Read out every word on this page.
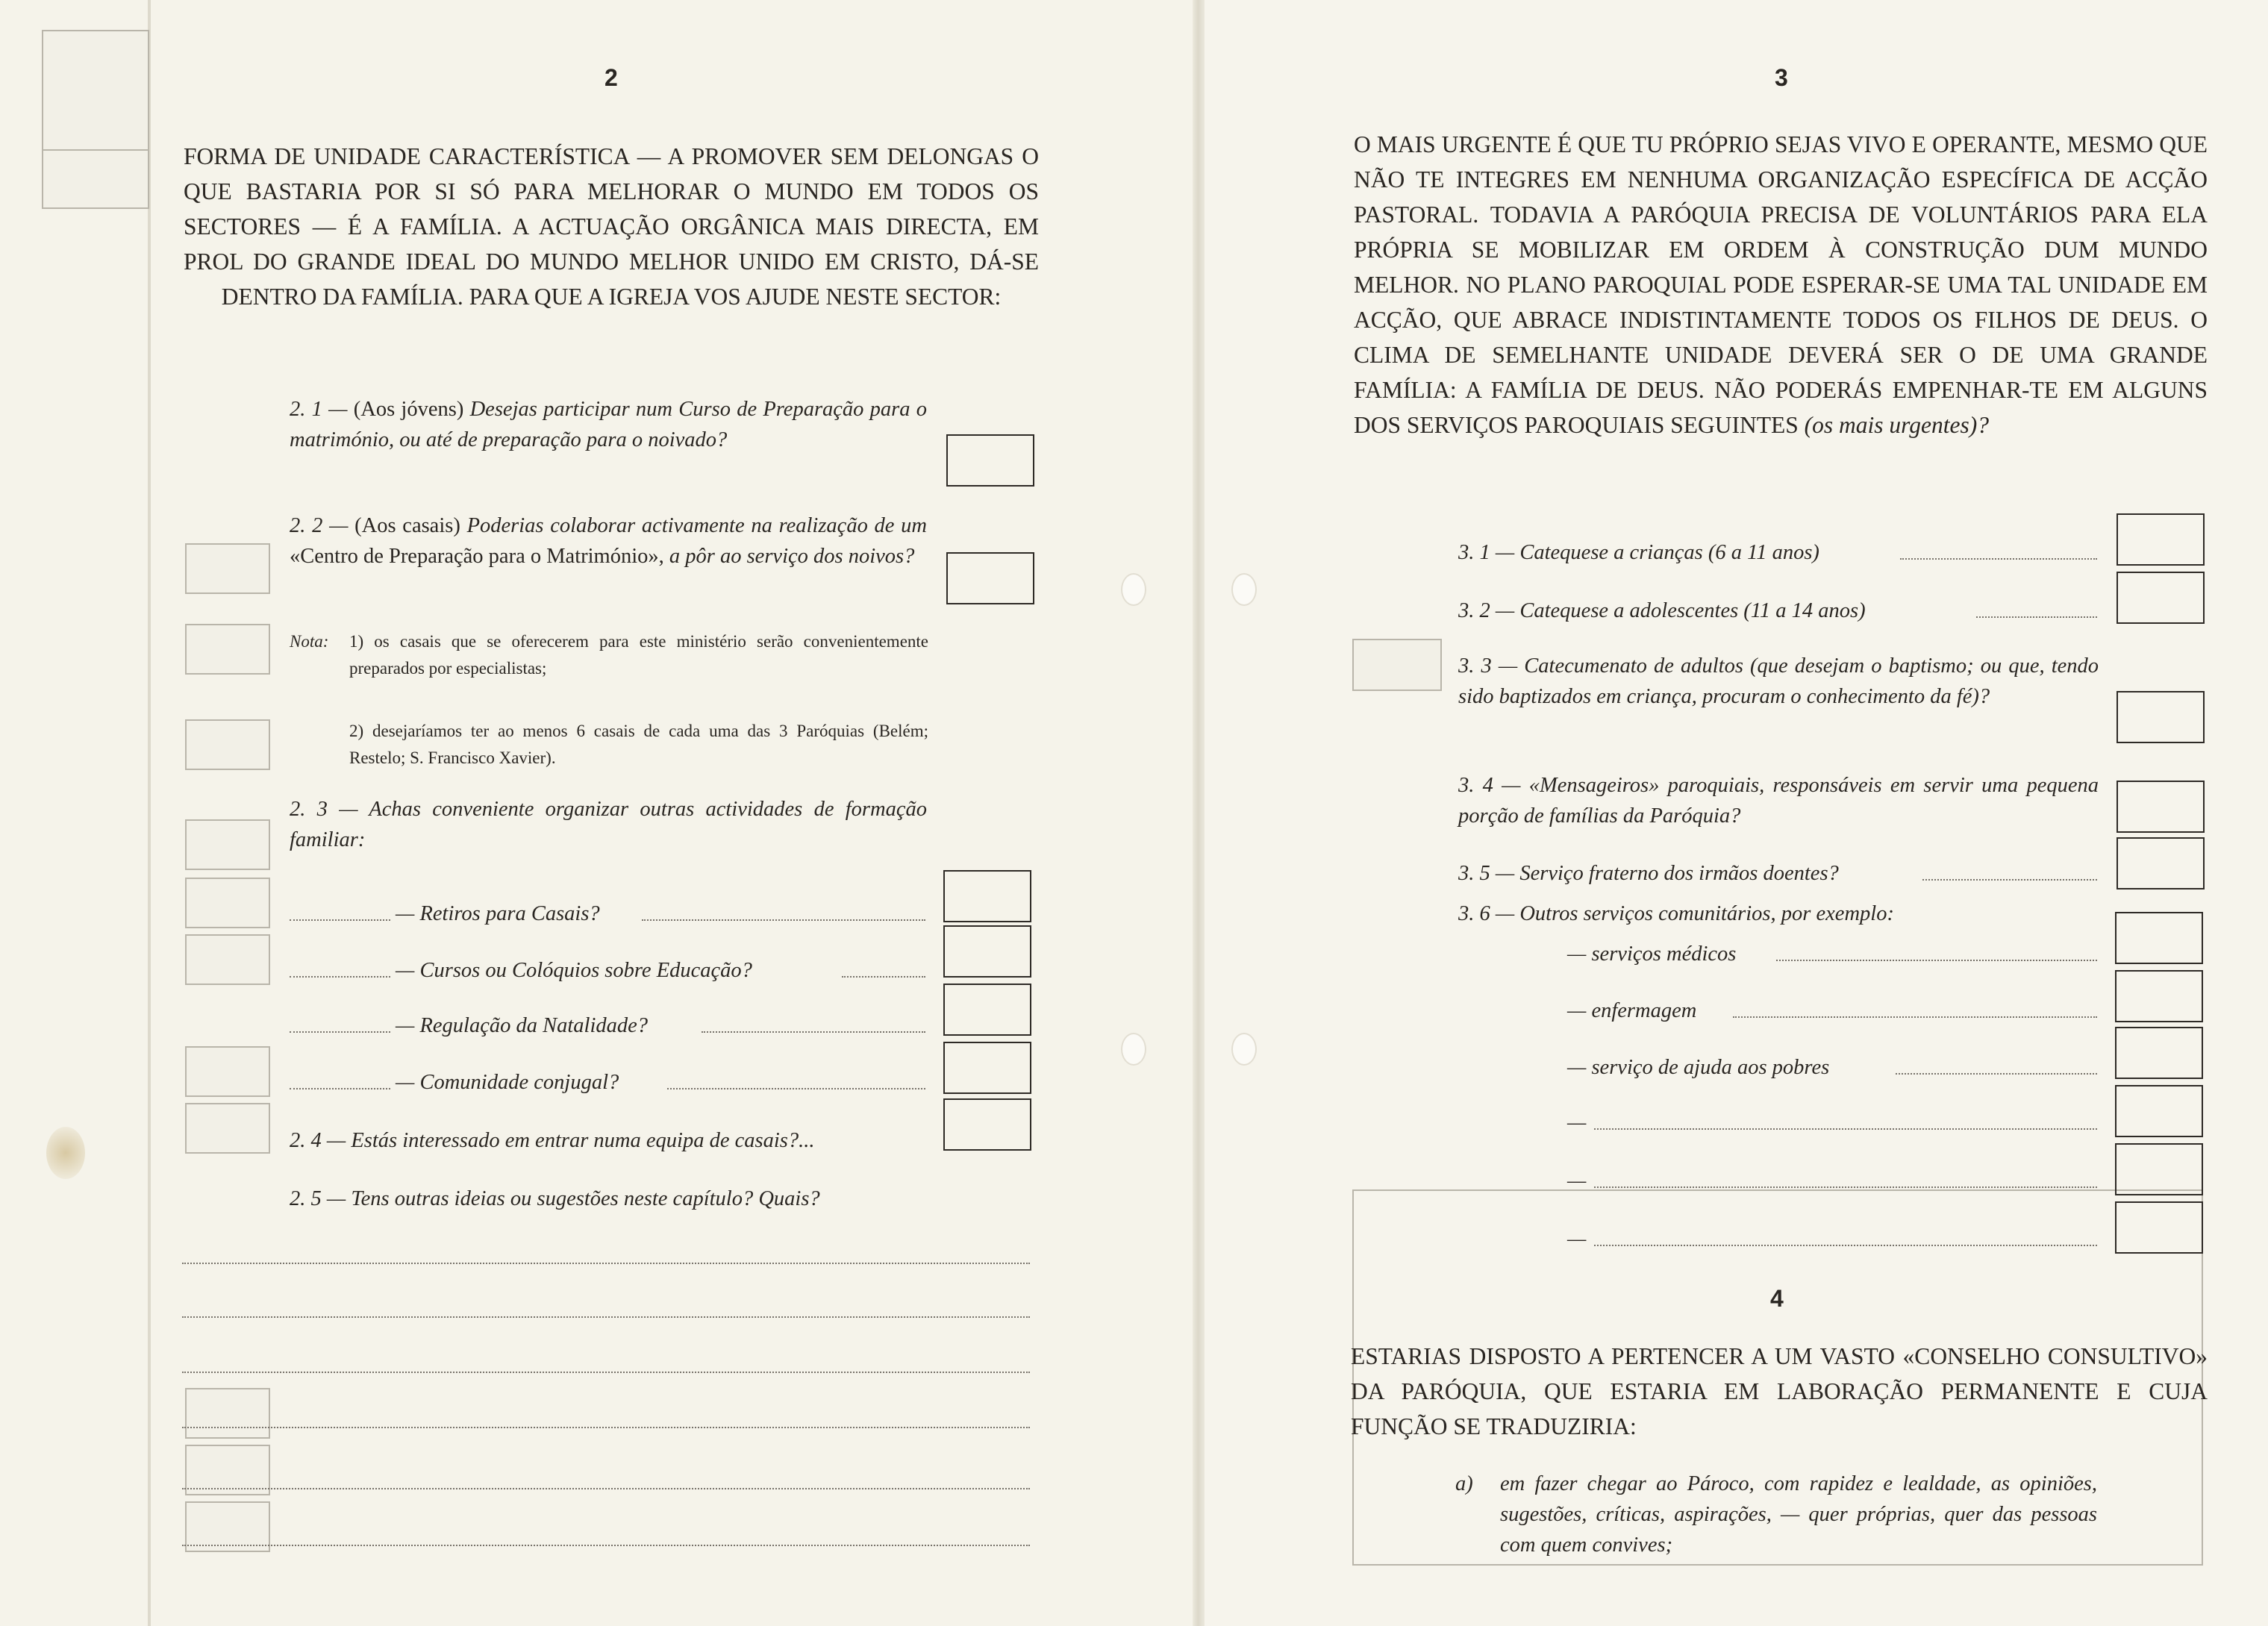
2
FORMA DE UNIDADE CARACTERÍSTICA — A PROMOVER SEM DELONGAS O QUE BASTARIA POR SI SÓ PARA MELHORAR O MUNDO EM TODOS OS SECTORES — É A FAMÍLIA. A ACTUAÇÃO ORGÂNICA MAIS DIRECTA, EM PROL DO GRANDE IDEAL DO MUNDO MELHOR UNIDO EM CRISTO, DÁ-SE DENTRO DA FAMÍLIA. PARA QUE A IGREJA VOS AJUDE NESTE SECTOR:
2. 1 — (Aos jóvens) Desejas participar num Curso de Preparação para o matrimónio, ou até de preparação para o noivado?
2. 2 — (Aos casais) Poderias colaborar activamente na realização de um «Centro de Preparação para o Matrimónio», a pôr ao serviço dos noivos?
Nota: 1) os casais que se oferecerem para este ministério serão convenientemente preparados por especialistas;
2) desejaríamos ter ao menos 6 casais de cada uma das 3 Paróquias (Belém; Restelo; S. Francisco Xavier).
2. 3 — Achas conveniente organizar outras actividades de formação familiar:
— Retiros para Casais?
— Cursos ou Colóquios sobre Educação?
— Regulação da Natalidade?
— Comunidade conjugal?
2. 4 — Estás interessado em entrar numa equipa de casais?...
2. 5 — Tens outras ideias ou sugestões neste capítulo? Quais?
3
O MAIS URGENTE É QUE TU PRÓPRIO SEJAS VIVO E OPERANTE, MESMO QUE NÃO TE INTEGRES EM NENHUMA ORGANIZAÇÃO ESPECÍFICA DE ACÇÃO PASTORAL. TODAVIA A PARÓQUIA PRECISA DE VOLUNTÁRIOS PARA ELA PRÓPRIA SE MOBILIZAR EM ORDEM À CONSTRUÇÃO DUM MUNDO MELHOR. NO PLANO PAROQUIAL PODE ESPERAR-SE UMA TAL UNIDADE EM ACÇÃO, QUE ABRACE INDISTINTAMENTE TODOS OS FILHOS DE DEUS. O CLIMA DE SEMELHANTE UNIDADE DEVERÁ SER O DE UMA GRANDE FAMÍLIA: A FAMÍLIA DE DEUS. NÃO PODERÁS EMPENHAR-TE EM ALGUNS DOS SERVIÇOS PAROQUIAIS SEGUINTES (os mais urgentes)?
3. 1 — Catequese a crianças (6 a 11 anos)
3. 2 — Catequese a adolescentes (11 a 14 anos)
3. 3 — Catecumenato de adultos (que desejam o baptismo; ou que, tendo sido baptizados em criança, procuram o conhecimento da fé)?
3. 4 — «Mensageiros» paroquiais, responsáveis em servir uma pequena porção de famílias da Paróquia?
3. 5 — Serviço fraterno dos irmãos doentes?
3. 6 — Outros serviços comunitários, por exemplo:
— serviços médicos
— enfermagem
— serviço de ajuda aos pobres
—
—
—
4
ESTARIAS DISPOSTO A PERTENCER A UM VASTO «CONSELHO CONSULTIVO» DA PARÓQUIA, QUE ESTARIA EM LABORAÇÃO PERMANENTE E CUJA FUNÇÃO SE TRADUZIRIA:
a) em fazer chegar ao Pároco, com rapidez e lealdade, as opiniões, sugestões, críticas, aspirações, — quer próprias, quer das pessoas com quem convives;
